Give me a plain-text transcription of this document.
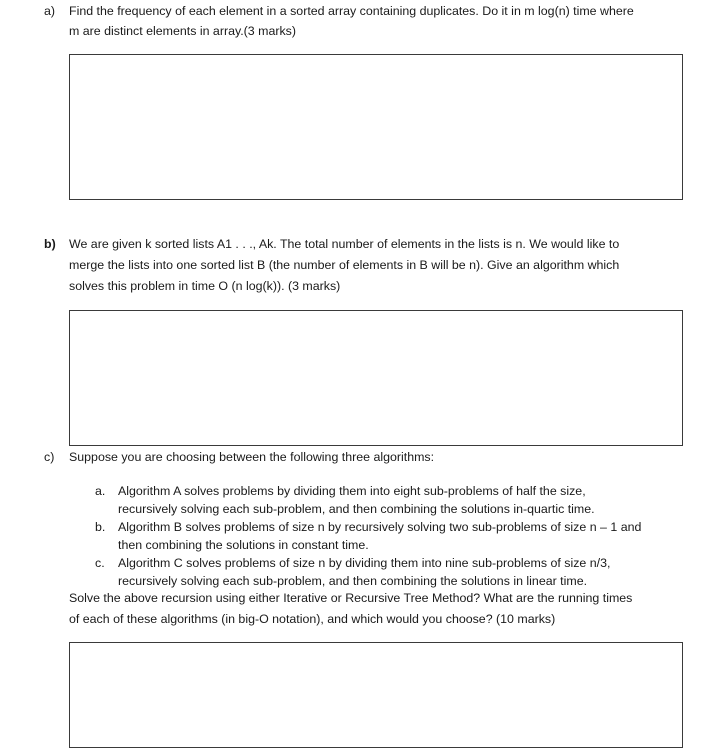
a) Find the frequency of each element in a sorted array containing duplicates. Do it in m log(n) time where
m are distinct elements in array.(3 marks)
b) We are given k sorted lists A1 . . ., Ak. The total number of elements in the lists is n. We would like to
merge the lists into one sorted list B (the number of elements in B will be n). Give an algorithm which
solves this problem in time O (n log(k)). (3 marks)
c) Suppose you are choosing between the following three algorithms:
a. Algorithm A solves problems by dividing them into eight sub-problems of half the size,
recursively solving each sub-problem, and then combining the solutions in-quartic time.
b. Algorithm B solves problems of size n by recursively solving two sub-problems of size n – 1 and
then combining the solutions in constant time.
c. Algorithm C solves problems of size n by dividing them into nine sub-problems of size n/3,
recursively solving each sub-problem, and then combining the solutions in linear time.
Solve the above recursion using either Iterative or Recursive Tree Method? What are the running times
of each of these algorithms (in big-O notation), and which would you choose? (10 marks)
